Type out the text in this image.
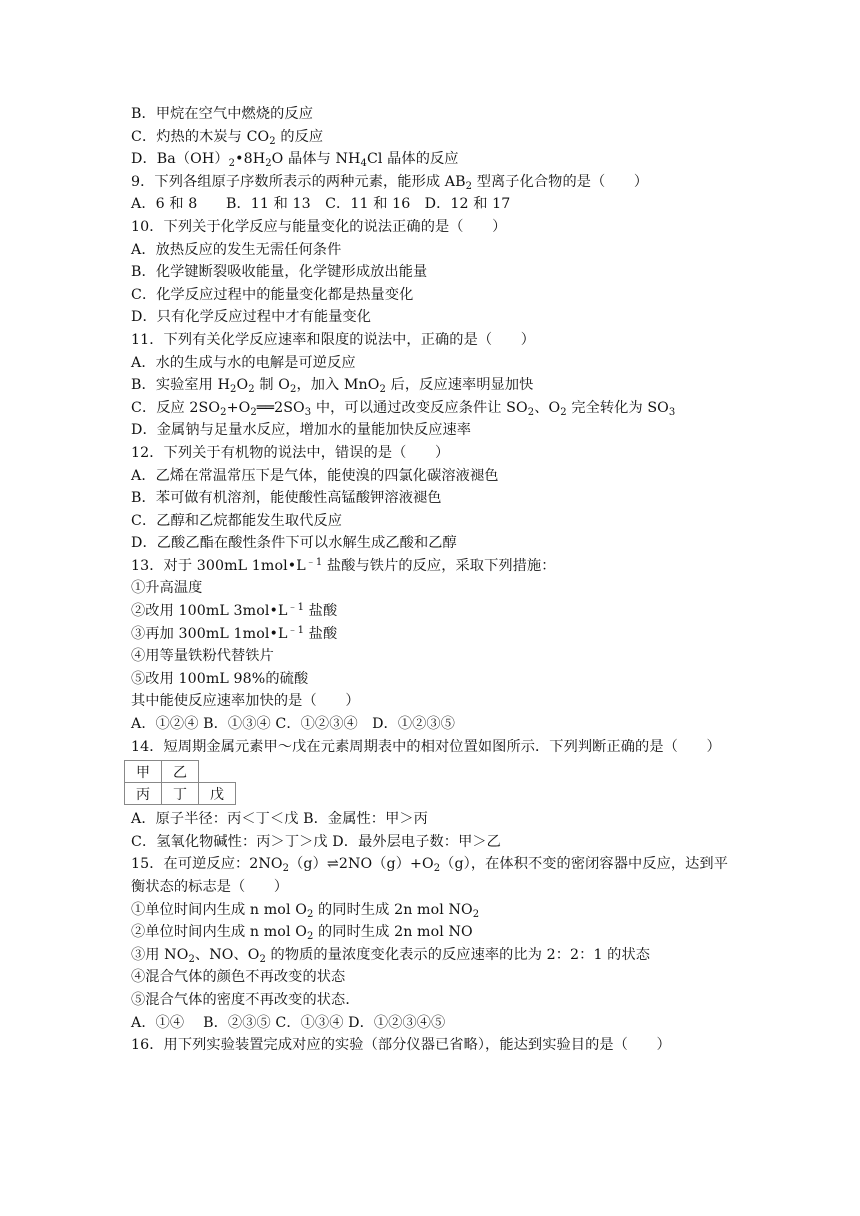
B．甲烷在空气中燃烧的反应
C．灼热的木炭与 $CO_2$ 的反应
D．$Ba(OH)_2•8H_2O$ 晶体与 $NH_4Cl$ 晶体的反应
9．下列各组原子序数所表示的两种元素，能形成 $AB_2$ 型离子化合物的是（　　）
A．6 和 8　　B．11 和 13　C．11 和 16　D．12 和 17
10．下列关于化学反应与能量变化的说法正确的是（　　）
A．放热反应的发生无需任何条件
B．化学键断裂吸收能量，化学键形成放出能量
C．化学反应过程中的能量变化都是热量变化
D．只有化学反应过程中才有能量变化
11．下列有关化学反应速率和限度的说法中，正确的是（　　）
A．水的生成与水的电解是可逆反应
B．实验室用 $H_2O_2$ 制 $O_2$，加入 MnO$_2$ 后，反应速率明显加快
C．反应 $2SO_2+O_2══2SO_3$ 中，可以通过改变反应条件让 $SO_2$、$O_2$ 完全转化为 $SO_3$
D．金属钠与足量水反应，增加水的量能加快反应速率
12．下列关于有机物的说法中，错误的是（　　）
A．乙烯在常温常压下是气体，能使溴的四氯化碳溶液褪色
B．苯可做有机溶剂，能使酸性高锰酸钾溶液褪色
C．乙醇和乙烷都能发生取代反应
D．乙酸乙酯在酸性条件下可以水解生成乙酸和乙醇
13．对于 300mL $1mol•L^{﹣1}$ 盐酸与铁片的反应，采取下列措施：
①升高温度
②改用 100mL $3mol•L^{﹣1}$ 盐酸
③再加 300mL $1mol•L^{﹣1}$ 盐酸
④用等量铁粉代替铁片
⑤改用 100mL 98%的硫酸
其中能使反应速率加快的是（　　）
A．①②④ B．①③④ C．①②③④　D．①②③⑤
14．短周期金属元素甲～戊在元素周期表中的相对位置如图所示．下列判断正确的是（　　）
甲	乙	
丙	丁	戊
A．原子半径：丙＜丁＜戊 B．金属性：甲＞丙
C．氢氧化物碱性：丙＞丁＞戊 D．最外层电子数：甲＞乙
15．在可逆反应：$2NO_2(g)\rightleftharpoons 2NO(g)+O_2(g)$，在体积不变的密闭容器中反应，达到平
衡状态的标志是（　　）
①单位时间内生成 n mol $O_2$ 的同时生成 2n mol $NO_2$
②单位时间内生成 n mol $O_2$ 的同时生成 2n mol NO
③用 $NO_2$、NO、$O_2$ 的物质的量浓度变化表示的反应速率的比为 2：2：1 的状态
④混合气体的颜色不再改变的状态
⑤混合气体的密度不再改变的状态．
A．①④　 B．②③⑤ C．①③④ D．①②③④⑤
16．用下列实验装置完成对应的实验（部分仪器已省略），能达到实验目的是（　　）
